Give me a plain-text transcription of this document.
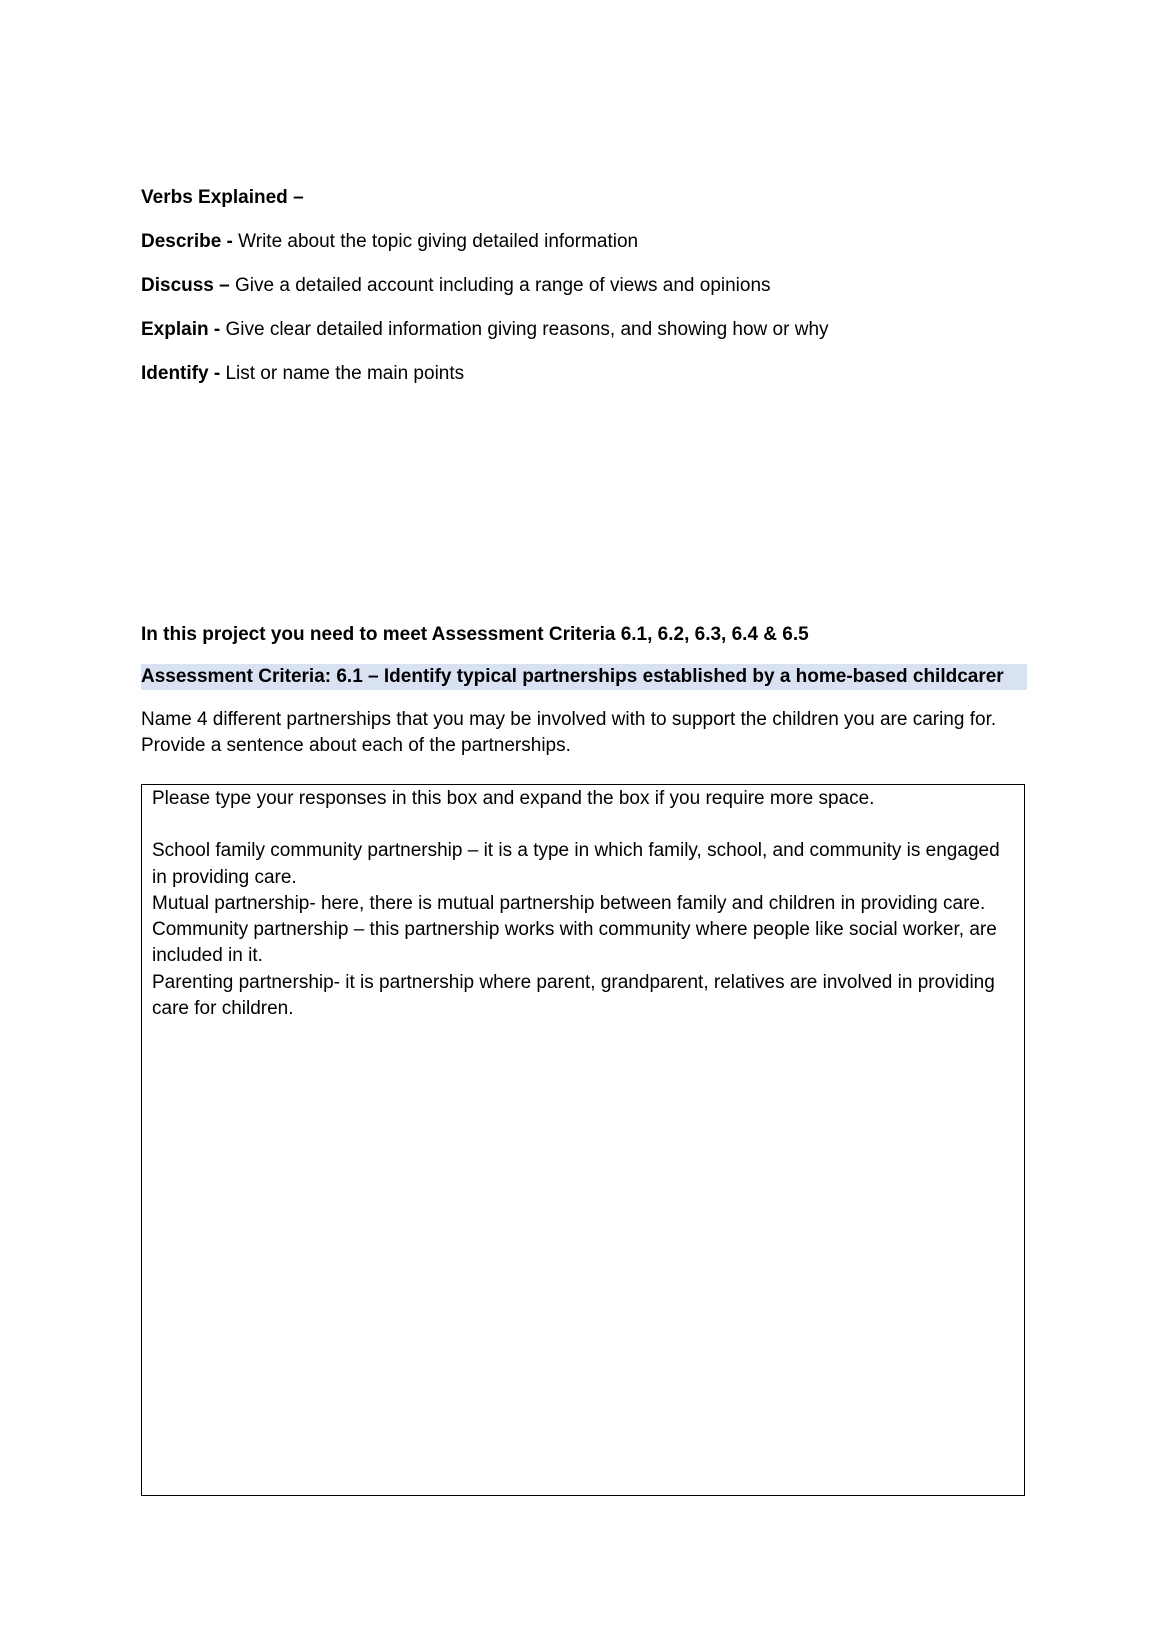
Verbs Explained –

Describe - Write about the topic giving detailed information

Discuss – Give a detailed account including a range of views and opinions

Explain - Give clear detailed information giving reasons, and showing how or why

Identify - List or name the main points

In this project you need to meet Assessment Criteria 6.1, 6.2, 6.3, 6.4 & 6.5

Assessment Criteria: 6.1 – Identify typical partnerships established by a home-based childcarer

Name 4 different partnerships that you may be involved with to support the children you are caring for. Provide a sentence about each of the partnerships.

Please type your responses in this box and expand the box if you require more space.

School family community partnership – it is a type in which family, school, and community is engaged in providing care.

Mutual partnership- here, there is mutual partnership between family and children in providing care.

Community partnership – this partnership works with community where people like social worker, are included in it.

Parenting partnership- it is partnership where parent, grandparent, relatives are involved in providing care for children.
